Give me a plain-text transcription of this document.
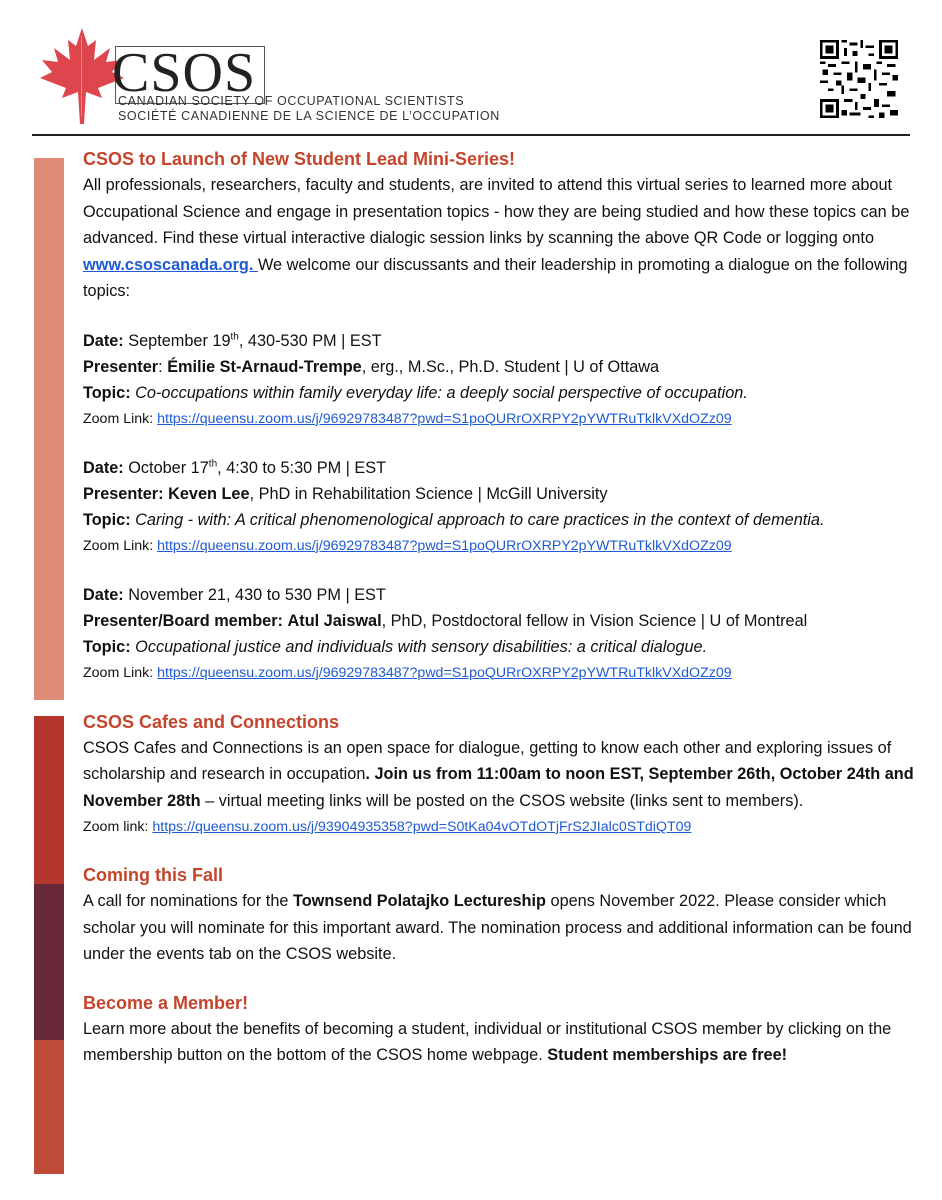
CSOS
CANADIAN SOCIETY OF OCCUPATIONAL SCIENTISTS
SOCIÉTÉ CANADIENNE DE LA SCIENCE DE L’OCCUPATION
CSOS to Launch of New Student Lead Mini-Series!

All professionals, researchers, faculty and students, are invited to attend this virtual series to learned more about Occupational Science and engage in presentation topics - how they are being studied and how these topics can be advanced. Find these virtual interactive dialogic session links by scanning the above QR Code or logging onto www.csoscanada.org. We welcome our discussants and their leadership in promoting a dialogue on the following topics:

Date: September 19th, 430-530 PM | EST

Presenter: Émilie St-Arnaud-Trempe, erg., M.Sc., Ph.D. Student | U of Ottawa

Topic: Co-occupations within family everyday life: a deeply social perspective of occupation.

Zoom Link: https://queensu.zoom.us/j/96929783487?pwd=S1poQURrOXRPY2pYWTRuTklkVXdOZz09

Date: October 17th, 4:30 to 5:30 PM | EST

Presenter: Keven Lee, PhD in Rehabilitation Science | McGill University

Topic: Caring - with: A critical phenomenological approach to care practices in the context of dementia.

Zoom Link: https://queensu.zoom.us/j/96929783487?pwd=S1poQURrOXRPY2pYWTRuTklkVXdOZz09

Date: November 21, 430 to 530 PM | EST

Presenter/Board member: Atul Jaiswal, PhD, Postdoctoral fellow in Vision Science | U of Montreal

Topic: Occupational justice and individuals with sensory disabilities: a critical dialogue.

Zoom Link: https://queensu.zoom.us/j/96929783487?pwd=S1poQURrOXRPY2pYWTRuTklkVXdOZz09

CSOS Cafes and Connections

CSOS Cafes and Connections is an open space for dialogue, getting to know each other and exploring issues of scholarship and research in occupation. Join us from 11:00am to noon EST, September 26th, October 24th and November 28th – virtual meeting links will be posted on the CSOS website (links sent to members).

Zoom link: https://queensu.zoom.us/j/93904935358?pwd=S0tKa04vOTdOTjFrS2JIalc0STdiQT09

Coming this Fall

A call for nominations for the Townsend Polatajko Lectureship opens November 2022. Please consider which scholar you will nominate for this important award. The nomination process and additional information can be found under the events tab on the CSOS website.

Become a Member!

Learn more about the benefits of becoming a student, individual or institutional CSOS member by clicking on the membership button on the bottom of the CSOS home webpage. Student memberships are free!
